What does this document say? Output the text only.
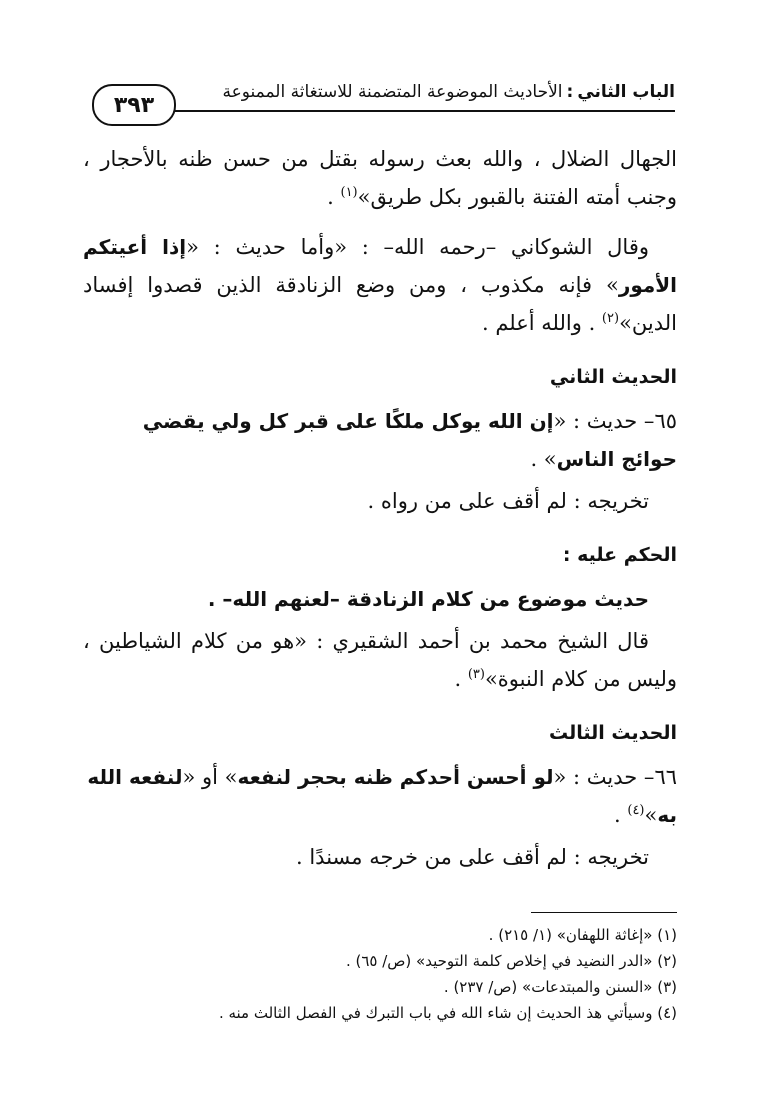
الباب الثاني
:
الأحاديث الموضوعة المتضمنة للاستغاثة الممنوعة
٣٩٣

الجهال الضلال ، والله بعث رسوله بقتل من حسن ظنه بالأحجار ، وجنب أمته الفتنة بالقبور بكل طريق»$^{(١)}$ .

وقال الشوكاني –رحمه الله– : «وأما حديث : «إذا أعيتكم الأمور» فإنه مكذوب ، ومن وضع الزنادقة الذين قصدوا إفساد الدين»$^{(٢)}$ . والله أعلم .

الحديث الثاني
٦٥– حديث : «إن الله يوكل ملكًا على قبر كل ولي يقضي حوائج الناس» .
تخريجه : لم أقف على من رواه .
الحكم عليه :
حديث موضوع من كلام الزنادقة –لعنهم الله– .

قال الشيخ محمد بن أحمد الشقيري : «هو من كلام الشياطين ، وليس من كلام النبوة»$^{(٣)}$ .

الحديث الثالث
٦٦– حديث : «لو أحسن أحدكم ظنه بحجر لنفعه» أو «لنفعه الله به»$^{(٤)}$ .
تخريجه : لم أقف على من خرجه مسندًا .

(١) «إغاثة اللهفان» (١/ ٢١٥) .

(٢) «الدر النضيد في إخلاص كلمة التوحيد» (ص/ ٦٥) .

(٣) «السنن والمبتدعات» (ص/ ٢٣٧) .

(٤) وسيأتي هذ الحديث إن شاء الله في باب التبرك في الفصل الثالث منه .
